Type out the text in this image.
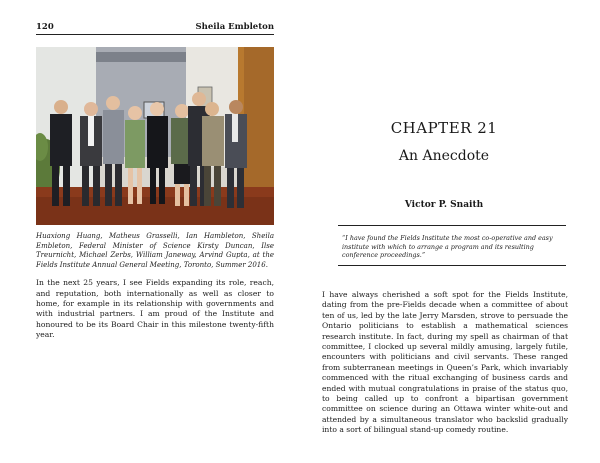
120	Sheila Embleton
Huaxiong Huang, Matheus Grasselli, Ian Hambleton, Sheila Embleton, Federal Minister of Science Kirsty Duncan, Ilse Treurnicht, Michael Zerbs, William Janeway, Arvind Gupta, at the Fields Institute Annual General Meeting, Toronto, Summer 2016.
In the next 25 years, I see Fields expanding its role, reach, and reputation, both internationally as well as closer to home, for example in its relationship with governments and with industrial partners. I am proud of the Institute and honoured to be its Board Chair in this milestone twenty-fifth year.
CHAPTER 21
An Anecdote
Victor P. Snaith
“I have found the Fields Institute the most co-operative and easy institute with which to arrange a program and its resulting conference proceedings.”
I have always cherished a soft spot for the Fields Institute, dating from the pre-Fields decade when a committee of about ten of us, led by the late Jerry Marsden, strove to persuade the Ontario politicians to establish a mathematical sciences research institute. In fact, during my spell as chairman of that committee, I clocked up several mildly amusing, largely futile, encounters with politicians and civil servants. These ranged from subterranean meetings in Queen’s Park, which invariably commenced with the ritual exchanging of business cards and ended with mutual congratulations in praise of the status quo, to being called up to confront a bipartisan government committee on science during an Ottawa winter white-out and attended by a simultaneous translator who backslid gradually into a sort of bilingual stand-up comedy routine.
